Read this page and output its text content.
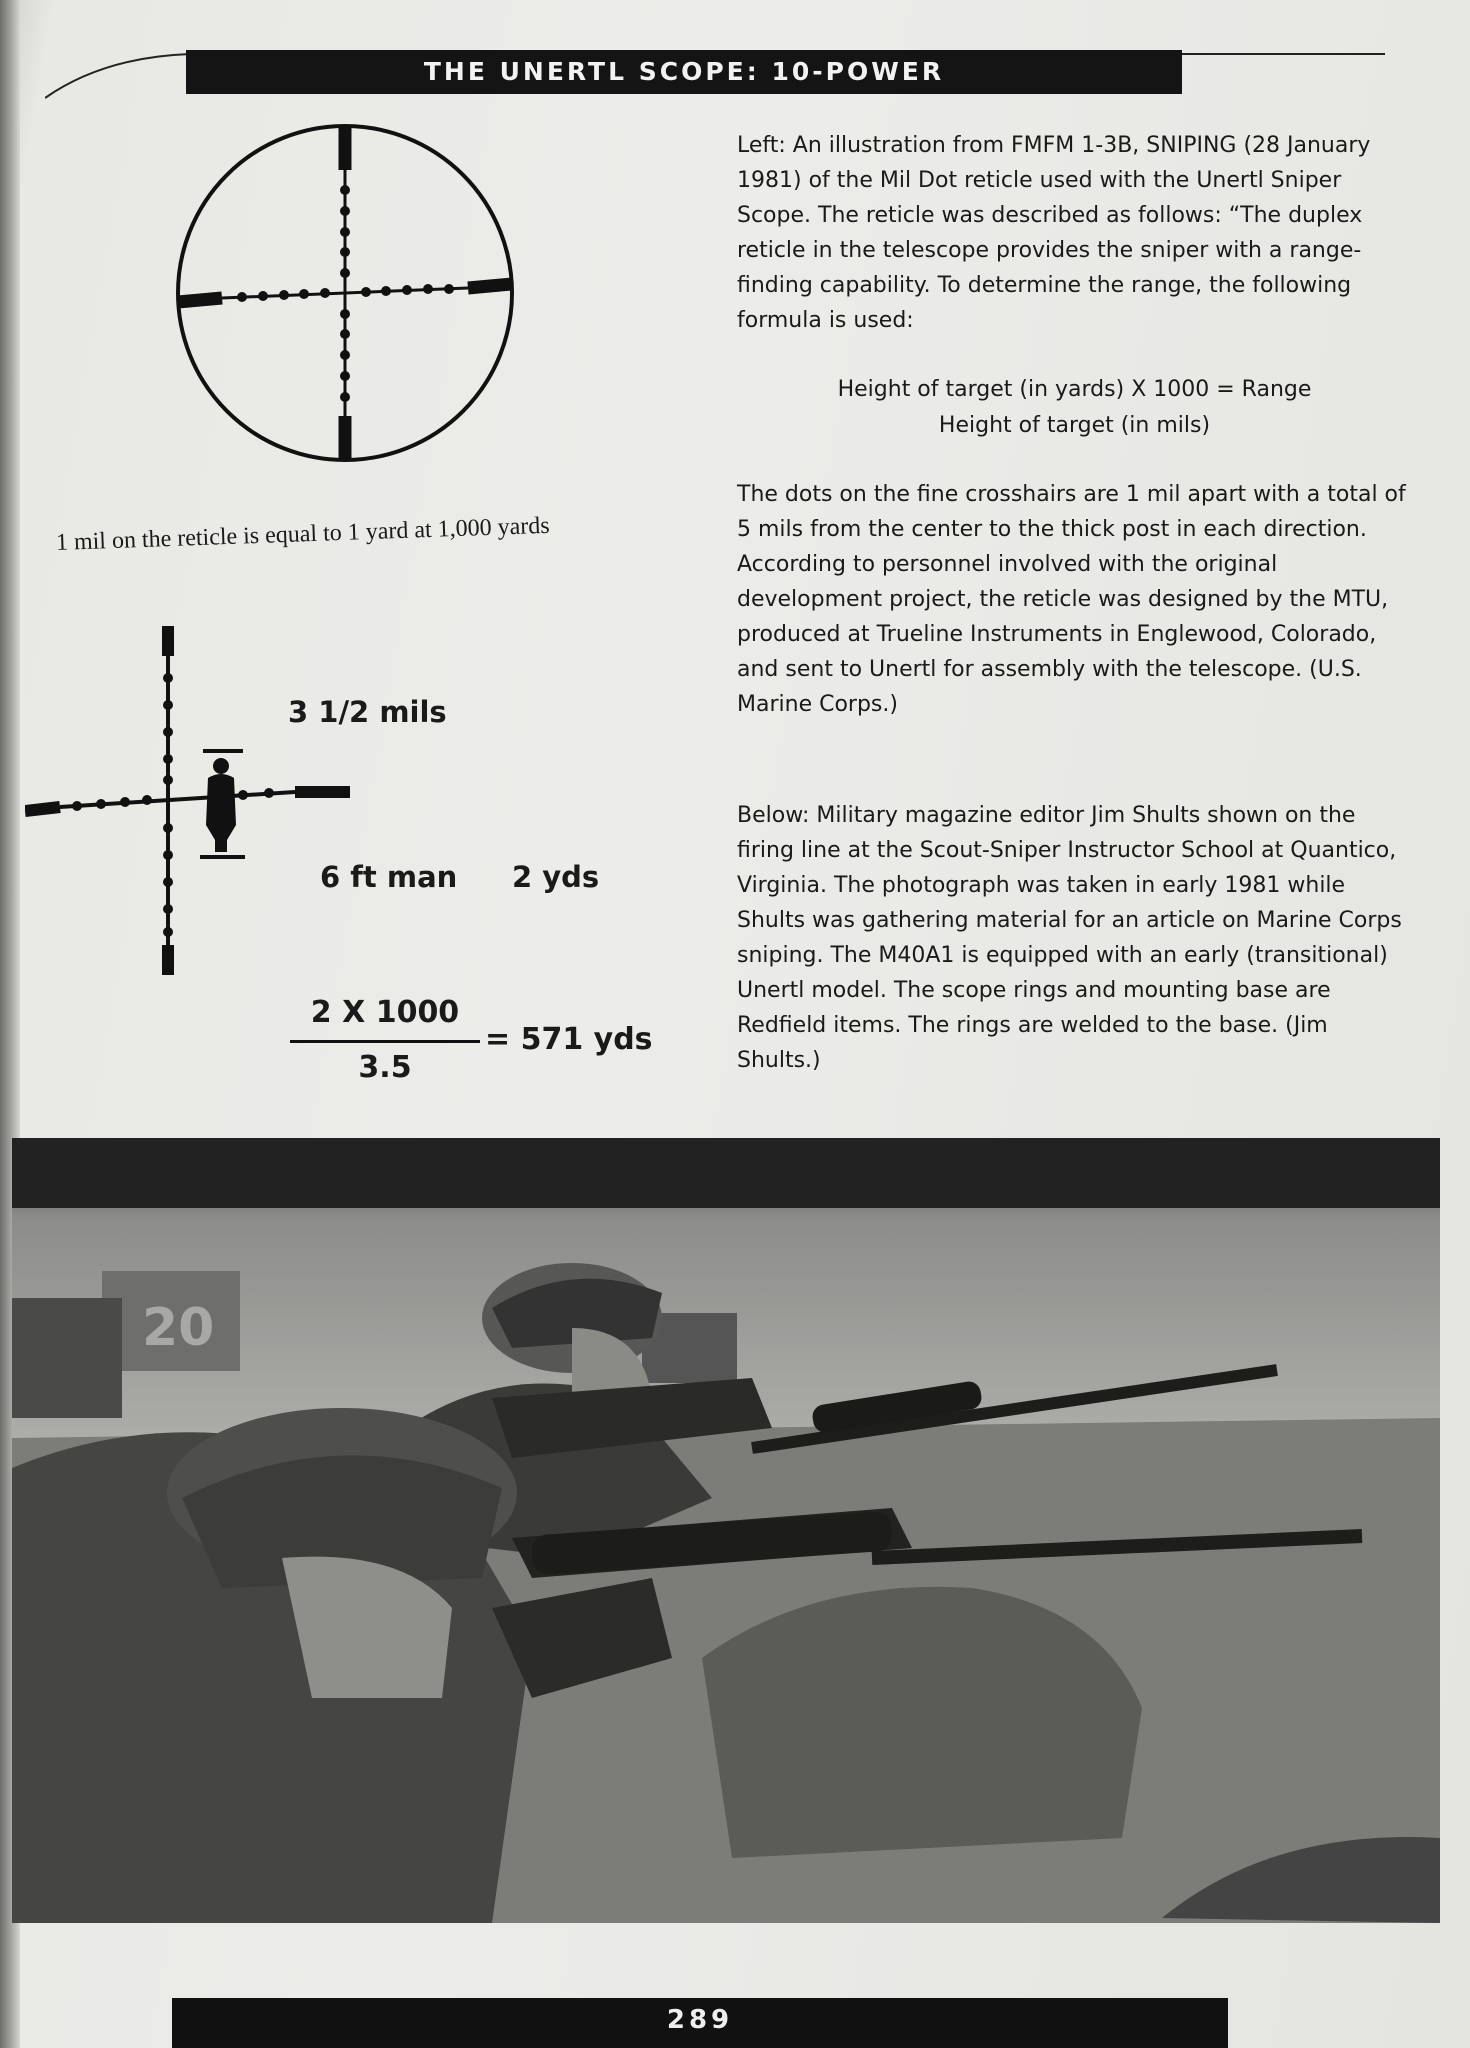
THE UNERTL SCOPE: 10-POWER
1 mil on the reticle is equal to 1 yard at 1,000 yards
3 1/2 mils
6 ft man 2 yds
2 X 1000
3.5
= 571 yds

Left: An illustration from FMFM 1-3B, SNIPING (28 January 1981) of the Mil Dot reticle used with the Unertl Sniper Scope. The reticle was described as follows: “The duplex reticle in the telescope provides the sniper with a range-finding capability. To determine the range, the following formula is used:

Height of target (in yards) X 1000 = Range
Height of target (in mils)

The dots on the fine crosshairs are 1 mil apart with a total of 5 mils from the center to the thick post in each direction. According to personnel involved with the original development project, the reticle was designed by the MTU, produced at Trueline Instruments in Englewood, Colorado, and sent to Unertl for assembly with the telescope. (U.S. Marine Corps.)

Below: Military magazine editor Jim Shults shown on the firing line at the Scout-Sniper Instructor School at Quantico, Virginia. The photograph was taken in early 1981 while Shults was gathering material for an article on Marine Corps sniping. The M40A1 is equipped with an early (transitional) Unertl model. The scope rings and mounting base are Redfield items. The rings are welded to the base. (Jim Shults.)

20
289
